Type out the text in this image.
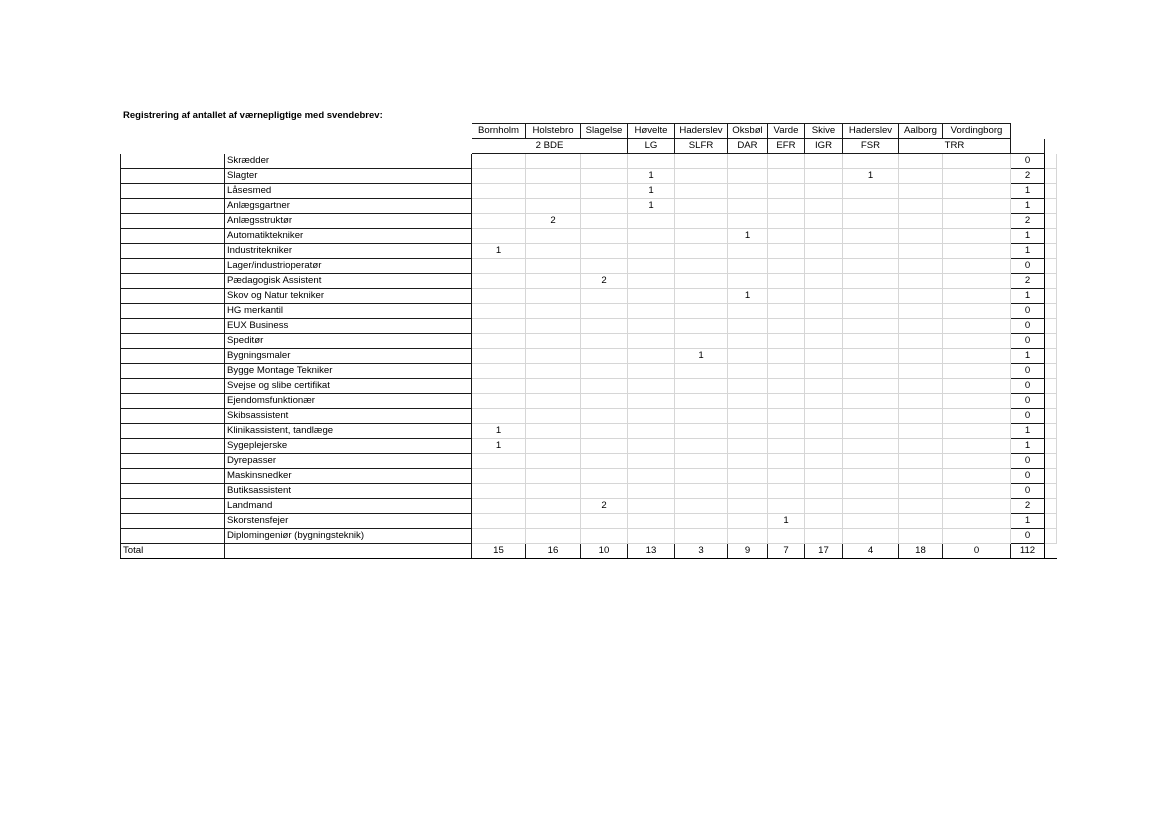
Registrering af antallet af værnepligtige med svendebrev:
		Bornholm	Holstebro	Slagelse	Høvelte	Haderslev	Oksbøl	Varde	Skive	Haderslev	Aalborg	Vordingborg		
		2 BDE			LG	SLFR	DAR	EFR	IGR	FSR	TRR			
	Skrædder												0	
	Slagter				1					1			2	
	Låsesmed				1								1	
	Anlægsgartner				1								1	
	Anlægsstruktør		2										2	
	Automatiktekniker						1						1	
	Industritekniker	1											1	
	Lager/industrioperatør												0	
	Pædagogisk Assistent			2									2	
	Skov og Natur tekniker						1						1	
	HG merkantil												0	
	EUX Business												0	
	Speditør												0	
	Bygningsmaler					1							1	
	Bygge Montage Tekniker												0	
	Svejse og slibe certifikat												0	
	Ejendomsfunktionær												0	
	Skibsassistent												0	
	Klinikassistent, tandlæge	1											1	
	Sygeplejerske	1											1	
	Dyrepasser												0	
	Maskinsnedker												0	
	Butiksassistent												0	
	Landmand			2									2	
	Skorstensfejer							1					1	
	Diplomingeniør (bygningsteknik)												0	
Total		15	16	10	13	3	9	7	17	4	18	0	112	
